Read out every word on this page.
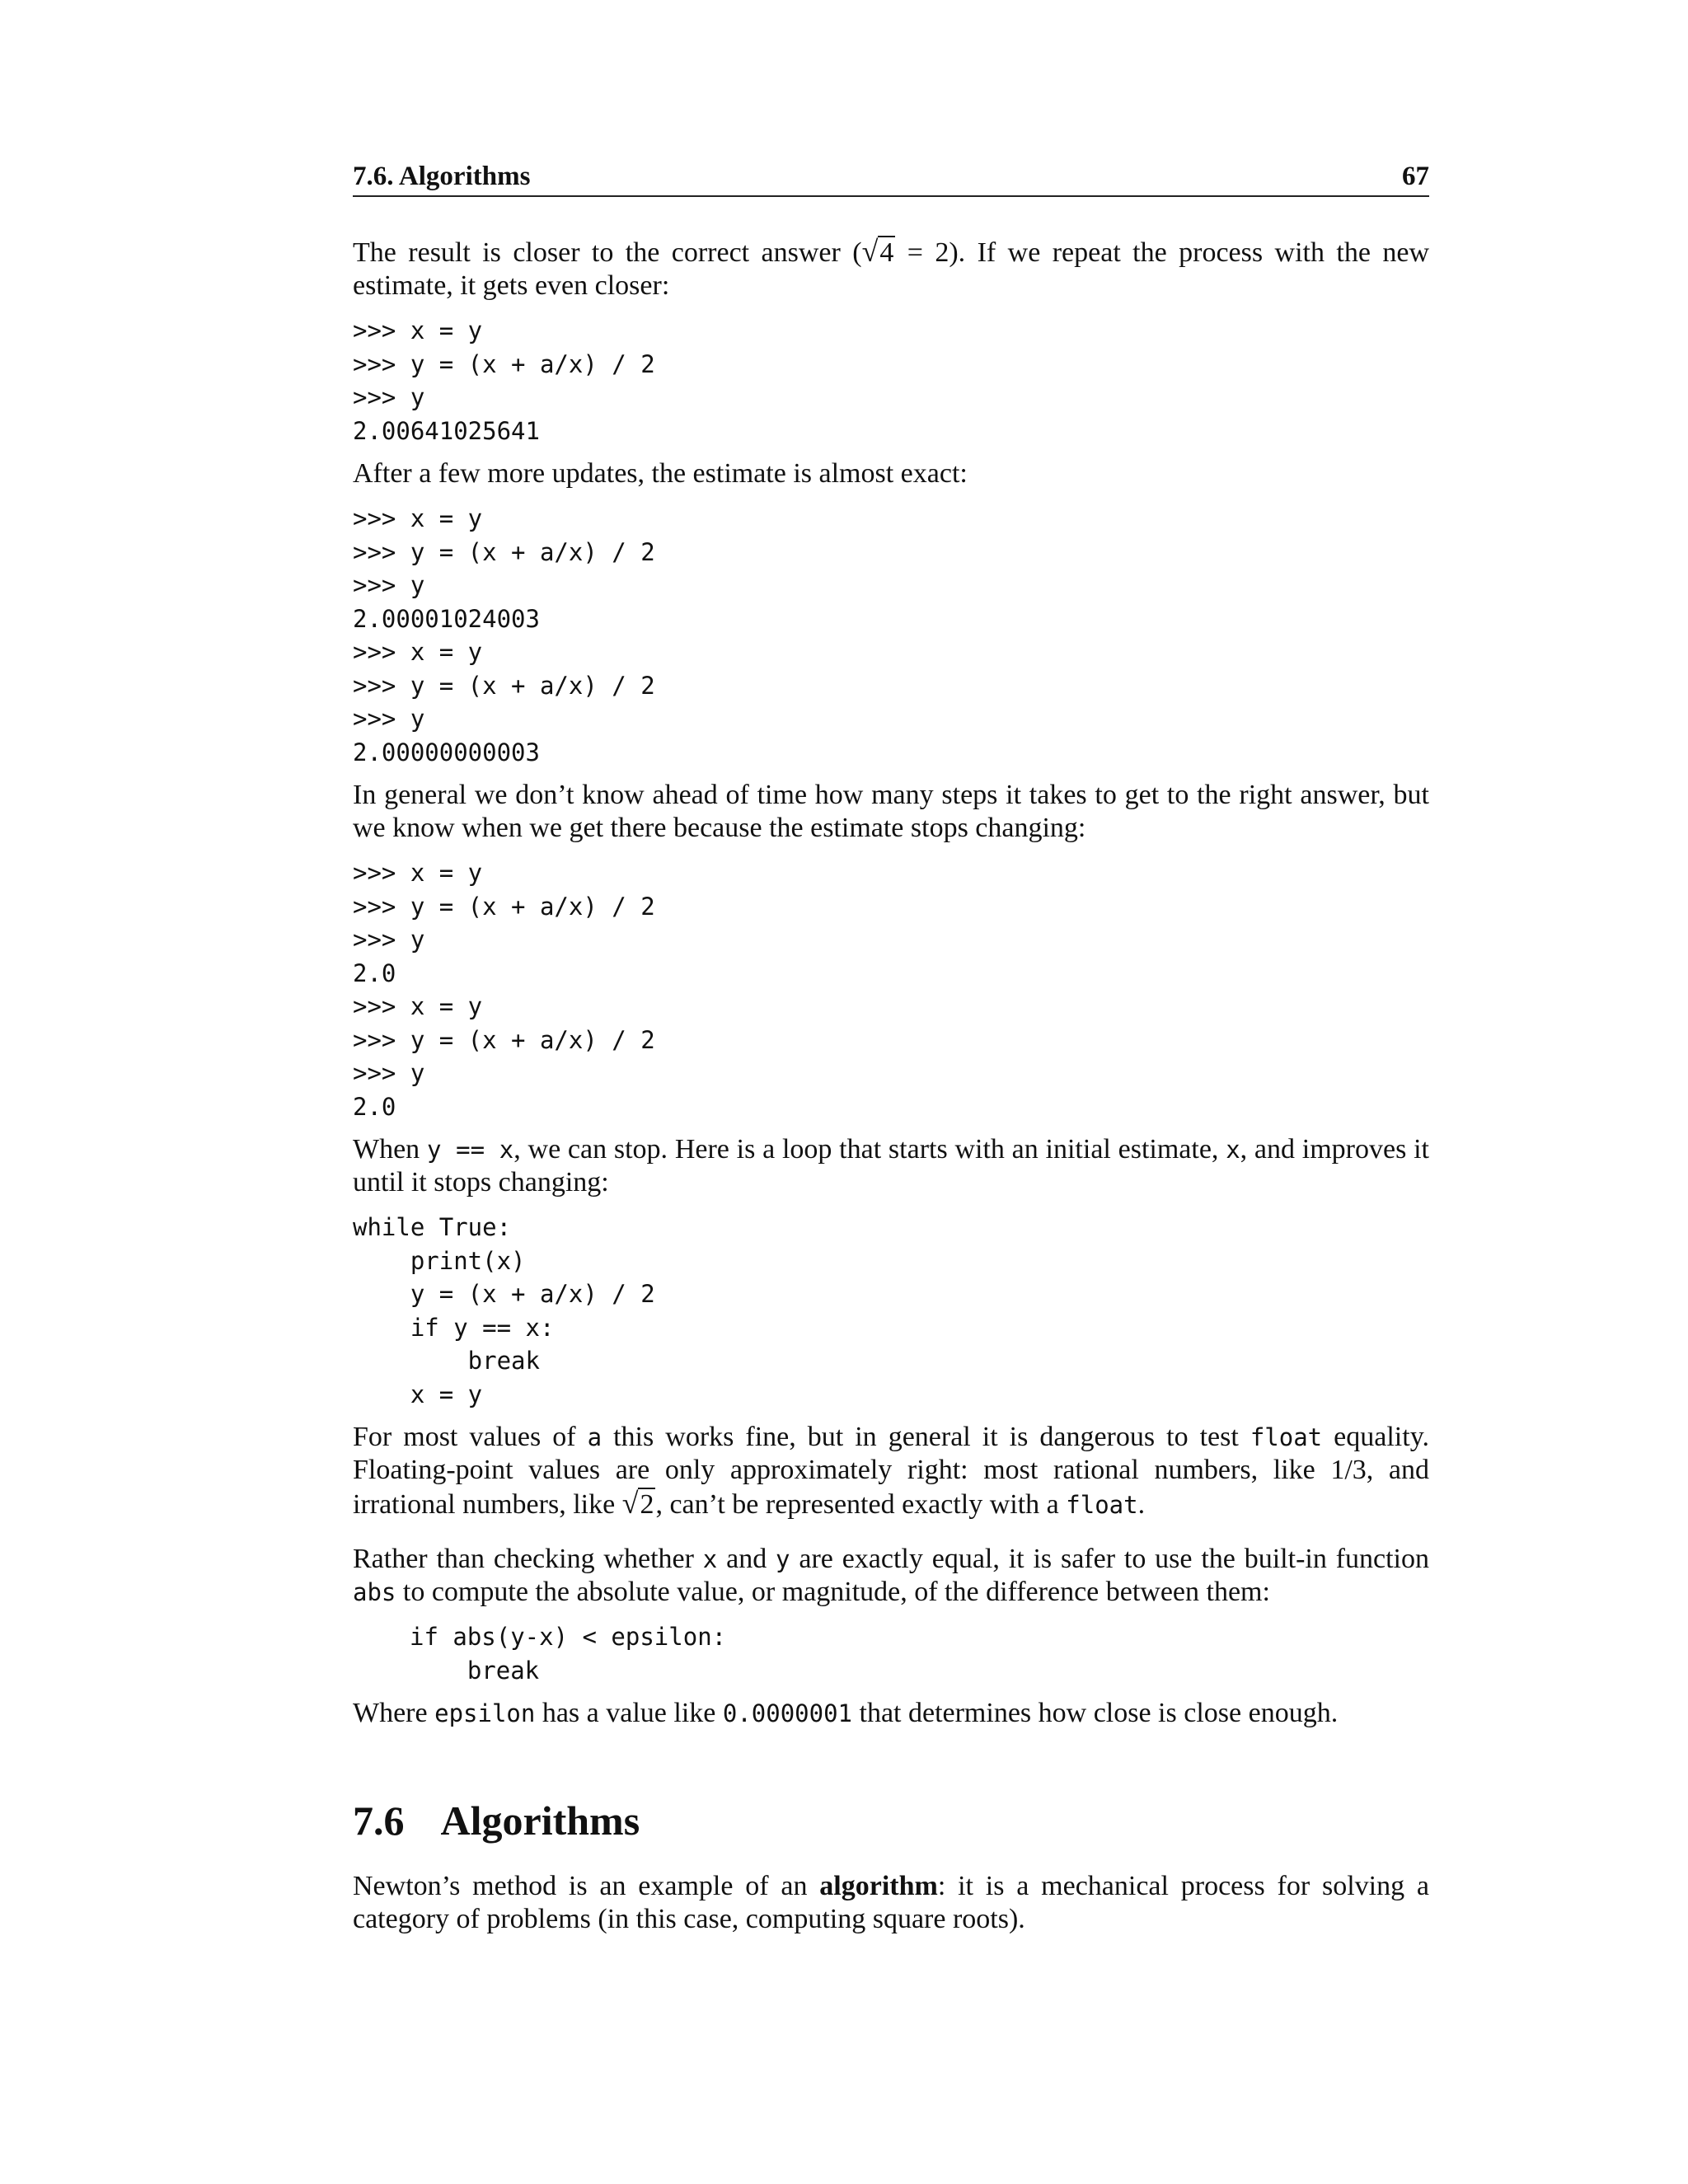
7.6. Algorithms	67

The result is closer to the correct answer (√4 = 2). If we repeat the process with the new estimate, it gets even closer:

>>> x = y
>>> y = (x + a/x) / 2
>>> y
2.00641025641

After a few more updates, the estimate is almost exact:

>>> x = y
>>> y = (x + a/x) / 2
>>> y
2.00001024003
>>> x = y
>>> y = (x + a/x) / 2
>>> y
2.00000000003

In general we don’t know ahead of time how many steps it takes to get to the right answer, but we know when we get there because the estimate stops changing:

>>> x = y
>>> y = (x + a/x) / 2
>>> y
2.0
>>> x = y
>>> y = (x + a/x) / 2
>>> y
2.0

When y == x, we can stop. Here is a loop that starts with an initial estimate, x, and improves it until it stops changing:

while True:
print(x)
y = (x + a/x) / 2
if y == x:
break
x = y

For most values of a this works fine, but in general it is dangerous to test float equality. Floating-point values are only approximately right: most rational numbers, like 1/3, and irrational numbers, like √2, can’t be represented exactly with a float.

Rather than checking whether x and y are exactly equal, it is safer to use the built-in function abs to compute the absolute value, or magnitude, of the difference between them:

if abs(y-x) < epsilon:
break

Where epsilon has a value like 0.0000001 that determines how close is close enough.

7.6 Algorithms

Newton’s method is an example of an algorithm: it is a mechanical process for solving a category of problems (in this case, computing square roots).
